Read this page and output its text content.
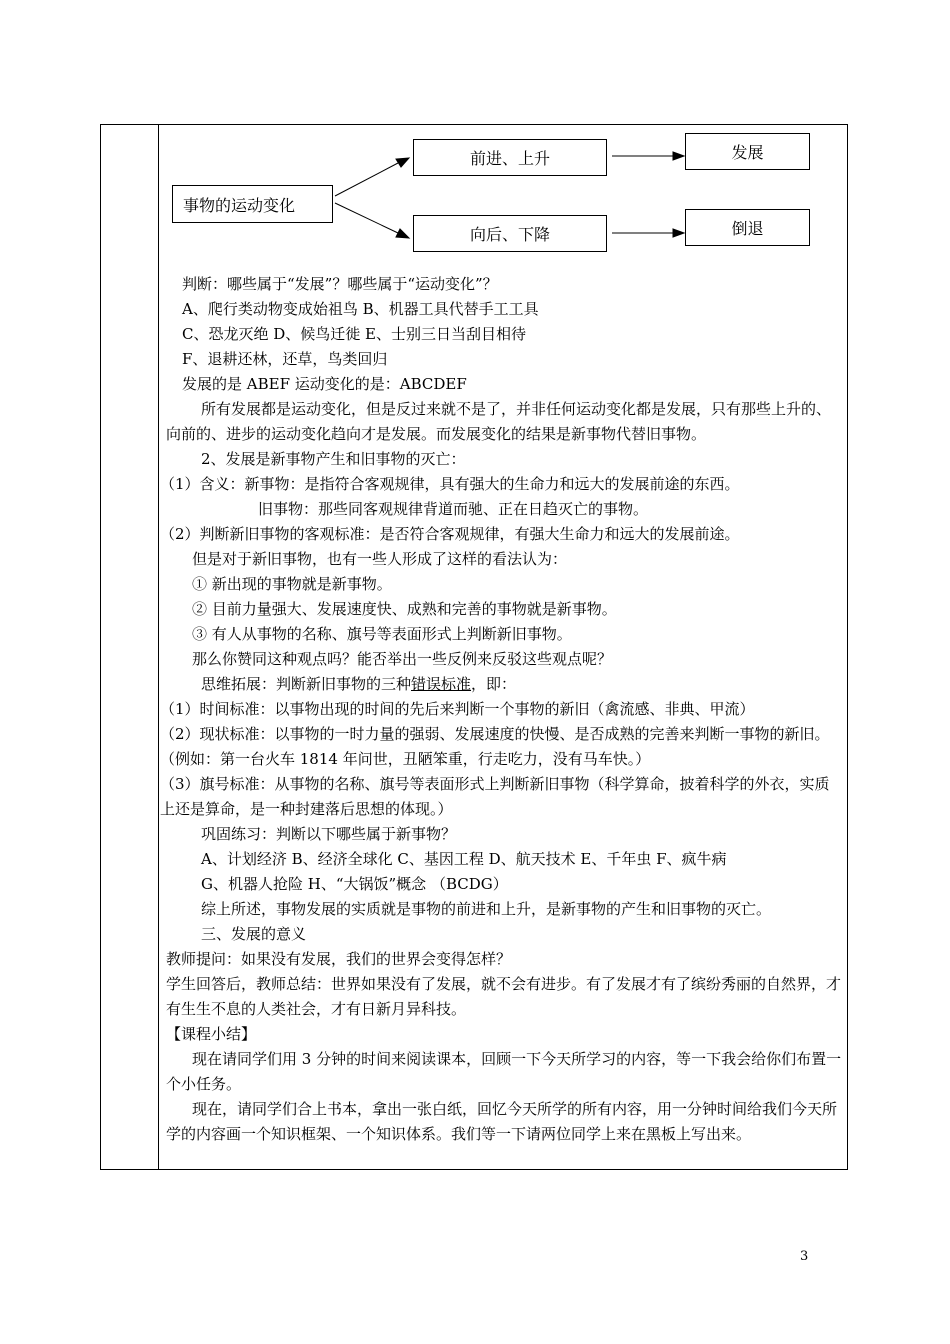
事物的运动变化
前进、上升
向后、下降
发展
倒退

判断：哪些属于“发展”？哪些属于“运动变化”？

A、爬行类动物变成始祖鸟 B、机器工具代替手工工具

C、恐龙灭绝 D、候鸟迁徙 E、士别三日当刮目相待

F、退耕还林，还草，鸟类回归

发展的是 ABEF 运动变化的是：ABCDEF

所有发展都是运动变化，但是反过来就不是了，并非任何运动变化都是发展，只有那些上升的、向前的、进步的运动变化趋向才是发展。而发展变化的结果是新事物代替旧事物。

2、发展是新事物产生和旧事物的灭亡：

（1）含义：新事物：是指符合客观规律，具有强大的生命力和远大的发展前途的东西。

旧事物：那些同客观规律背道而驰、正在日趋灭亡的事物。

（2）判断新旧事物的客观标准：是否符合客观规律，有强大生命力和远大的发展前途。

但是对于新旧事物，也有一些人形成了这样的看法认为：

① 新出现的事物就是新事物。

② 目前力量强大、发展速度快、成熟和完善的事物就是新事物。

③ 有人从事物的名称、旗号等表面形式上判断新旧事物。

那么你赞同这种观点吗？能否举出一些反例来反驳这些观点呢？

思维拓展：判断新旧事物的三种错误标准，即：

（1）时间标准：以事物出现的时间的先后来判断一个事物的新旧（禽流感、非典、甲流）

（2）现状标准：以事物的一时力量的强弱、发展速度的快慢、是否成熟的完善来判断一事物的新旧。（例如：第一台火车 1814 年问世，丑陋笨重，行走吃力，没有马车快。）

（3）旗号标准：从事物的名称、旗号等表面形式上判断新旧事物（科学算命，披着科学的外衣，实质上还是算命，是一种封建落后思想的体现。）

巩固练习：判断以下哪些属于新事物？

A、计划经济 B、经济全球化 C、基因工程 D、航天技术 E、千年虫 F、疯牛病

G、机器人抢险 H、“大锅饭”概念 （BCDG）

综上所述，事物发展的实质就是事物的前进和上升，是新事物的产生和旧事物的灭亡。

三、发展的意义

教师提问：如果没有发展，我们的世界会变得怎样？

学生回答后，教师总结：世界如果没有了发展，就不会有进步。有了发展才有了缤纷秀丽的自然界，才有生生不息的人类社会，才有日新月异科技。

【课程小结】

现在请同学们用 3 分钟的时间来阅读课本，回顾一下今天所学习的内容，等一下我会给你们布置一个小任务。

现在，请同学们合上书本，拿出一张白纸，回忆今天所学的所有内容，用一分钟时间给我们今天所学的内容画一个知识框架、一个知识体系。我们等一下请两位同学上来在黑板上写出来。

3
